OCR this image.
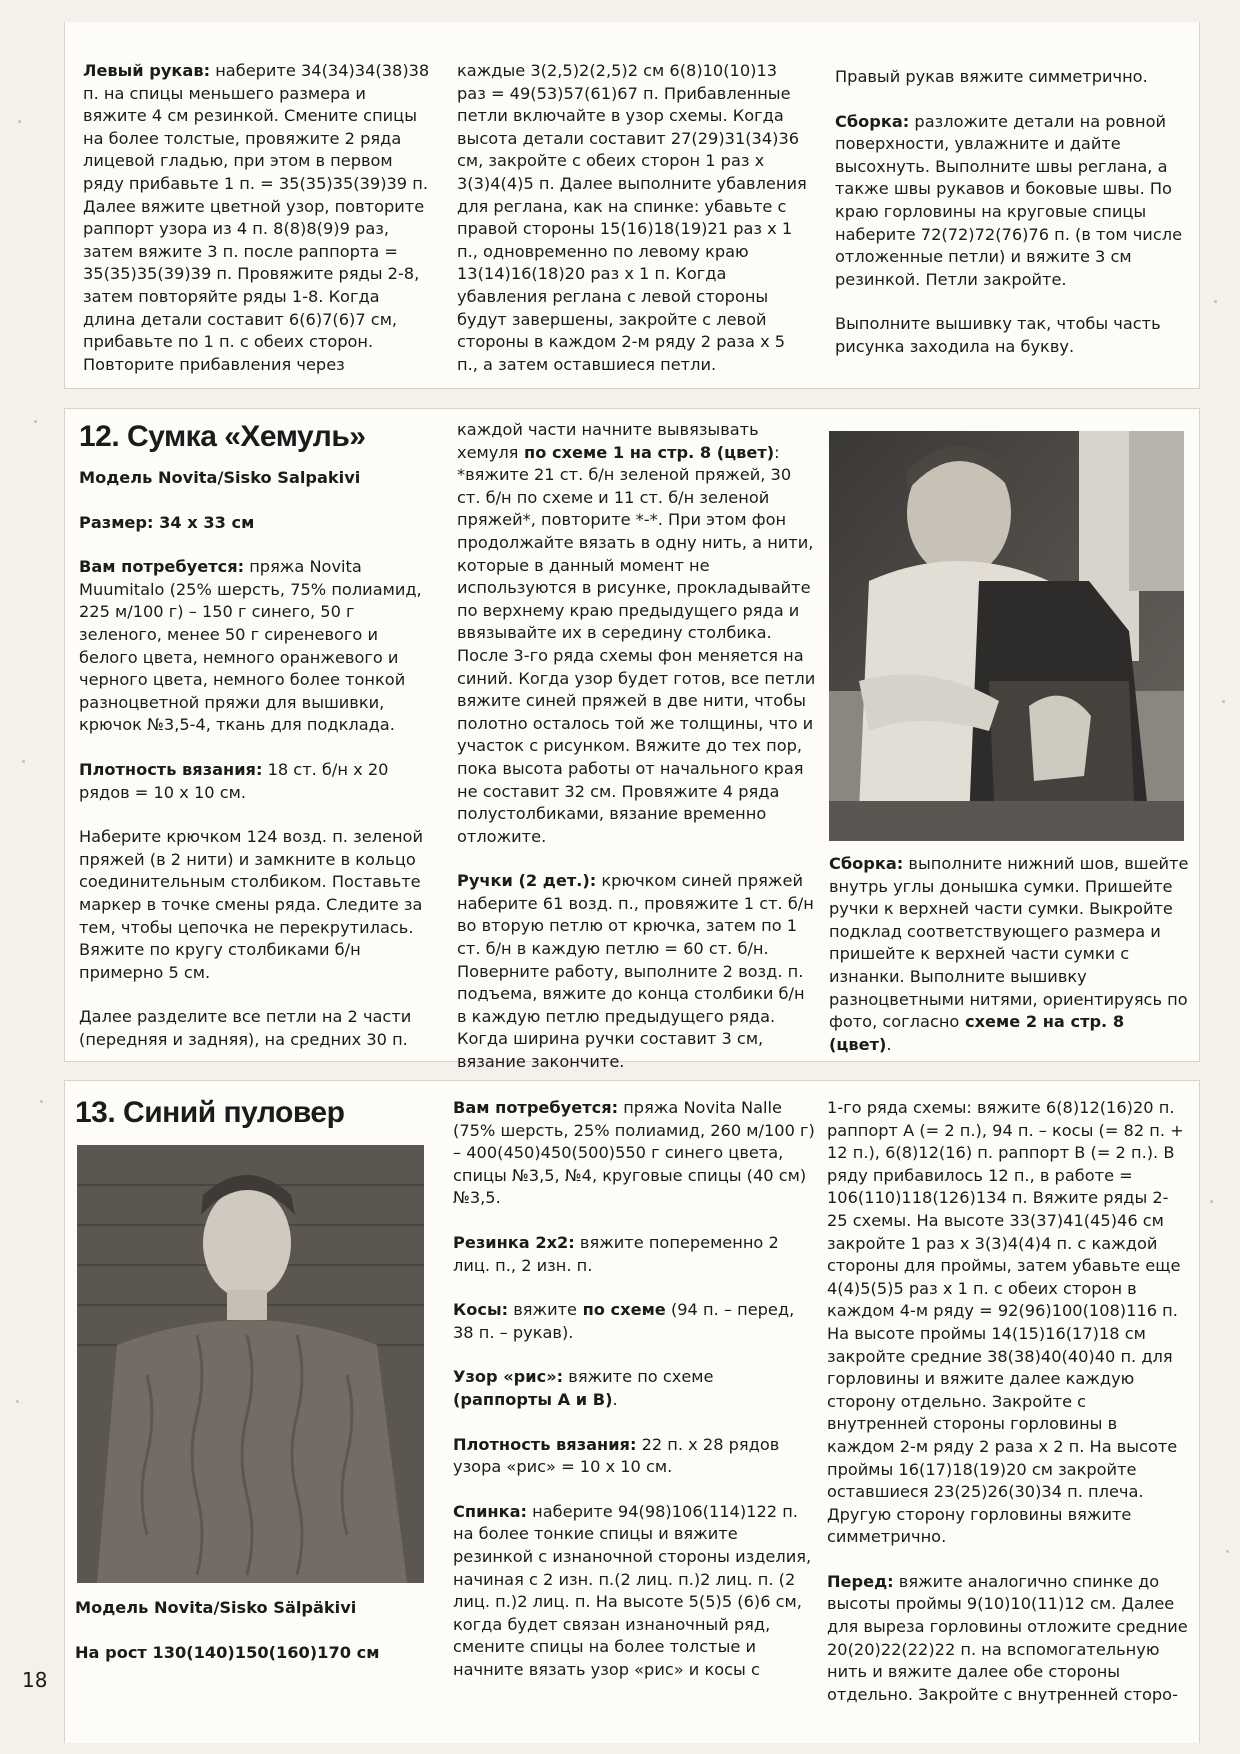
Левый рукав: наберите 34(34)34(38)38 п. на спицы меньшего размера и вяжите 4 см резинкой. Смените спицы на более толстые, провяжите 2 ряда лицевой гладью, при этом в первом ряду прибавьте 1 п. = 35(35)35(39)39 п. Далее вяжите цветной узор, повторите раппорт узора из 4 п. 8(8)8(9)9 раз, затем вяжите 3 п. после раппорта = 35(35)35(39)39 п. Провяжите ряды 2-8, затем повторяйте ряды 1-8. Когда длина детали составит 6(6)7(6)7 см, прибавьте по 1 п. с обеих сторон. Повторите прибавления через

каждые 3(2,5)2(2,5)2 см 6(8)10(10)13 раз = 49(53)57(61)67 п. Прибавленные петли включайте в узор схемы. Когда высота детали составит 27(29)31(34)36 см, закройте с обеих сторон 1 раз х 3(3)4(4)5 п. Далее выполните убавления для реглана, как на спинке: убавьте с правой стороны 15(16)18(19)21 раз х 1 п., одновременно по левому краю 13(14)16(18)20 раз х 1 п. Когда убавления реглана с левой стороны будут завершены, закройте с левой стороны в каждом 2-м ряду 2 раза х 5 п., а затем оставшиеся петли.

Правый рукав вяжите симметрично.

Сборка: разложите детали на ровной поверхности, увлажните и дайте высохнуть. Выполните швы реглана, а также швы рукавов и боковые швы. По краю горловины на круговые спицы наберите 72(72)72(76)76 п. (в том числе отложенные петли) и вяжите 3 см резинкой. Петли закройте.

Выполните вышивку так, чтобы часть рисунка заходила на букву.

12. Сумка «Хемуль»

Модель Novita/Sisko Salpakivi

Размер: 34 х 33 см

Вам потребуется: пряжа Novita Muumitalo (25% шерсть, 75% полиамид, 225 м/100 г) – 150 г синего, 50 г зеленого, менее 50 г сиреневого и белого цвета, немного оранжевого и черного цвета, немного более тонкой разноцветной пряжи для вышивки, крючок №3,5-4, ткань для подклада.

Плотность вязания: 18 ст. б/н х 20 рядов = 10 х 10 см.

Наберите крючком 124 возд. п. зеленой пряжей (в 2 нити) и замкните в кольцо соединительным столбиком. Поставьте маркер в точке смены ряда. Следите за тем, чтобы цепочка не перекрутилась. Вяжите по кругу столбиками б/н примерно 5 см.

Далее разделите все петли на 2 части (передняя и задняя), на средних 30 п.

каждой части начните вывязывать хемуля по схеме 1 на стр. 8 (цвет): *вяжите 21 ст. б/н зеленой пряжей, 30 ст. б/н по схеме и 11 ст. б/н зеленой пряжей*, повторите *-*. При этом фон продолжайте вязать в одну нить, а нити, которые в данный момент не используются в рисунке, прокладывайте по верхнему краю предыдущего ряда и ввязывайте их в середину столбика. После 3-го ряда схемы фон меняется на синий. Когда узор будет готов, все петли вяжите синей пряжей в две нити, чтобы полотно осталось той же толщины, что и участок с рисунком. Вяжите до тех пор, пока высота работы от начального края не составит 32 см. Провяжите 4 ряда полустолбиками, вязание временно отложите.

Ручки (2 дет.): крючком синей пряжей наберите 61 возд. п., провяжите 1 ст. б/н во вторую петлю от крючка, затем по 1 ст. б/н в каждую петлю = 60 ст. б/н. Поверните работу, выполните 2 возд. п. подъема, вяжите до конца столбики б/н в каждую петлю предыдущего ряда. Когда ширина ручки составит 3 см, вязание закончите.

Сборка: выполните нижний шов, вшейте внутрь углы донышка сумки. Пришейте ручки к верхней части сумки. Выкройте подклад соответствующего размера и пришейте к верхней части сумки с изнанки. Выполните вышивку разноцветными нитями, ориентируясь по фото, согласно схеме 2 на стр. 8 (цвет).

13. Синий пуловер

Модель Novita/Sisko Sälpäkivi

На рост 130(140)150(160)170 см

Вам потребуется: пряжа Novita Nalle (75% шерсть, 25% полиамид, 260 м/100 г) – 400(450)450(500)550 г синего цвета, спицы №3,5, №4, круговые спицы (40 см) №3,5.

Резинка 2х2: вяжите попеременно 2 лиц. п., 2 изн. п.

Косы: вяжите по схеме (94 п. – перед, 38 п. – рукав).

Узор «рис»: вяжите по схеме (раппорты А и В).

Плотность вязания: 22 п. х 28 рядов узора «рис» = 10 х 10 см.

Спинка: наберите 94(98)106(114)122 п. на более тонкие спицы и вяжите резинкой с изнаночной стороны изделия, начиная с 2 изн. п.(2 лиц. п.)2 лиц. п. (2 лиц. п.)2 лиц. п. На высоте 5(5)5 (6)6 см, когда будет связан изнаночный ряд, смените спицы на более толстые и начните вязать узор «рис» и косы с

1-го ряда схемы: вяжите 6(8)12(16)20 п. раппорт А (= 2 п.), 94 п. – косы (= 82 п. + 12 п.), 6(8)12(16) п. раппорт В (= 2 п.). В ряду прибавилось 12 п., в работе = 106(110)118(126)134 п. Вяжите ряды 2-25 схемы. На высоте 33(37)41(45)46 см закройте 1 раз х 3(3)4(4)4 п. с каждой стороны для проймы, затем убавьте еще 4(4)5(5)5 раз х 1 п. с обеих сторон в каждом 4-м ряду = 92(96)100(108)116 п. На высоте проймы 14(15)16(17)18 см закройте средние 38(38)40(40)40 п. для горловины и вяжите далее каждую сторону отдельно. Закройте с внутренней стороны горловины в каждом 2-м ряду 2 раза х 2 п. На высоте проймы 16(17)18(19)20 см закройте оставшиеся 23(25)26(30)34 п. плеча. Другую сторону горловины вяжите симметрично.

Перед: вяжите аналогично спинке до высоты проймы 9(10)10(11)12 см. Далее для выреза горловины отложите средние 20(20)22(22)22 п. на вспомогательную нить и вяжите далее обе стороны отдельно. Закройте с внутренней сторо-

18
